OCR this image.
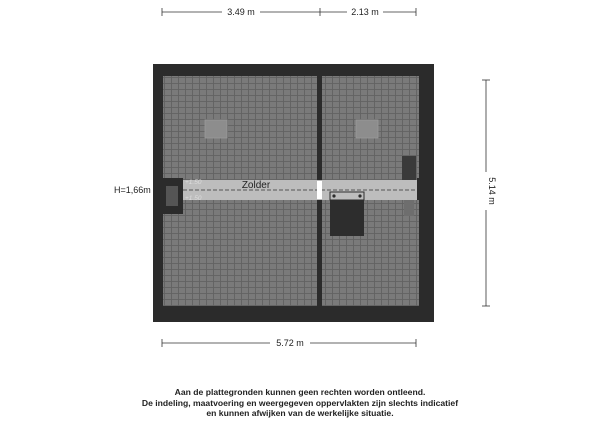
3.49 m	2.13 m
5.14 m
5.72 m
Zolder
+1.50
+1.50
H=1,66m
Aan de plattegronden kunnen geen rechten worden ontleend.
De indeling, maatvoering en weergegeven oppervlakten zijn slechts indicatief
en kunnen afwijken van de werkelijke situatie.
